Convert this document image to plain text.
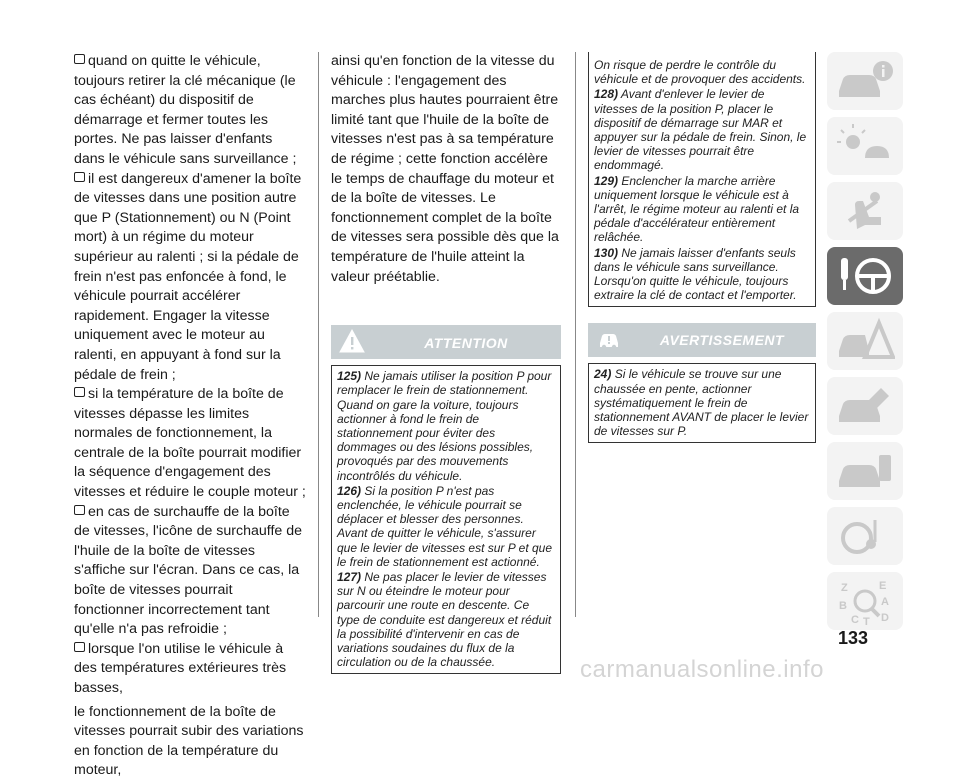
quand on quitte le véhicule, toujours retirer la clé mécanique (le cas échéant) du dispositif de démarrage et fermer toutes les portes. Ne pas laisser d'enfants dans le véhicule sans surveillance ;

il est dangereux d'amener la boîte de vitesses dans une position autre que P (Stationnement) ou N (Point mort) à un régime du moteur supérieur au ralenti ; si la pédale de frein n'est pas enfoncée à fond, le véhicule pourrait accélérer rapidement. Engager la vitesse uniquement avec le moteur au ralenti, en appuyant à fond sur la pédale de frein ;

si la température de la boîte de vitesses dépasse les limites normales de fonctionnement, la centrale de la boîte pourrait modifier la séquence d'engagement des vitesses et réduire le couple moteur ;

en cas de surchauffe de la boîte de vitesses, l'icône de surchauffe de l'huile de la boîte de vitesses s'affiche sur l'écran. Dans ce cas, la boîte de vitesses pourrait fonctionner incorrectement tant qu'elle n'a pas refroidie ;

lorsque l'on utilise le véhicule à des températures extérieures très basses,

le fonctionnement de la boîte de vitesses pourrait subir des variations en fonction de la température du moteur,

ainsi qu'en fonction de la vitesse du véhicule : l'engagement des marches plus hautes pourraient être limité tant que l'huile de la boîte de vitesses n'est pas à sa température de régime ; cette fonction accélère le temps de chauffage du moteur et de la boîte de vitesses. Le fonctionnement complet de la boîte de vitesses sera possible dès que la température de l'huile atteint la valeur préétablie.

ATTENTION

125) Ne jamais utiliser la position P pour remplacer le frein de stationnement. Quand on gare la voiture, toujours actionner à fond le frein de stationnement pour éviter des dommages ou des lésions possibles, provoqués par des mouvements incontrôlés du véhicule.

126) Si la position P n'est pas enclenchée, le véhicule pourrait se déplacer et blesser des personnes. Avant de quitter le véhicule, s'assurer que le levier de vitesses est sur P et que le frein de stationnement est actionné.

127) Ne pas placer le levier de vitesses sur N ou éteindre le moteur pour parcourir une route en descente. Ce type de conduite est dangereux et réduit la possibilité d'intervenir en cas de variations soudaines du flux de la circulation ou de la chaussée.

On risque de perdre le contrôle du véhicule et de provoquer des accidents.

128) Avant d'enlever le levier de vitesses de la position P, placer le dispositif de démarrage sur MAR et appuyer sur la pédale de frein. Sinon, le levier de vitesses pourrait être endommagé.

129) Enclencher la marche arrière uniquement lorsque le véhicule est à l'arrêt, le régime moteur au ralenti et la pédale d'accélérateur entièrement relâchée.

130) Ne jamais laisser d'enfants seuls dans le véhicule sans surveillance. Lorsqu'on quitte le véhicule, toujours extraire la clé de contact et l'emporter.

AVERTISSEMENT

24) Si le véhicule se trouve sur une chaussée en pente, actionner systématiquement le frein de stationnement AVANT de placer le levier de vitesses sur P.

Z	E
A
B
C T D
133
carmanualsonline.info
